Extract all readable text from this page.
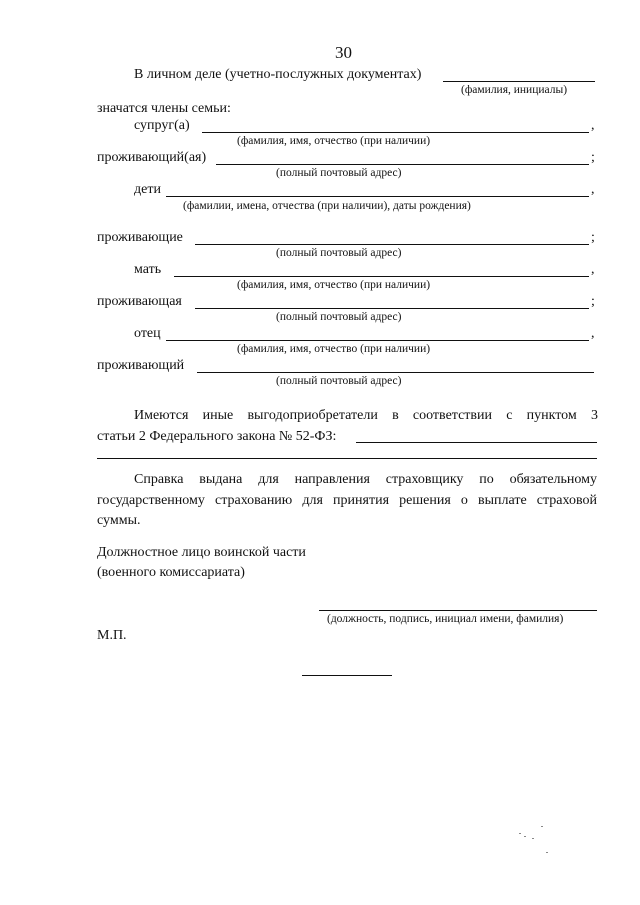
30
В личном деле (учетно-послужных документах)
(фамилия, инициалы)
значатся члены семьи:
супруг(а)	,
(фамилия, имя, отчество (при наличии)
проживающий(ая)	;
(полный почтовый адрес)
дети	,
(фамилии, имена, отчества (при наличии), даты рождения)
проживающие	;
(полный почтовый адрес)
мать	,
(фамилия, имя, отчество (при наличии)
проживающая	;
(полный почтовый адрес)
отец	,
(фамилия, имя, отчество (при наличии)
проживающий
(полный почтовый адрес)
Имеются иные выгодоприобретатели в соответствии с пунктом 3
статьи 2 Федерального закона № 52-ФЗ:
Справка выдана для направления страховщику по обязательному
государственному страхованию для принятия решения о выплате страховой
суммы.
Должностное лицо воинской части
(военного комиссариата)
(должность, подпись, инициал имени, фамилия)
М.П.
